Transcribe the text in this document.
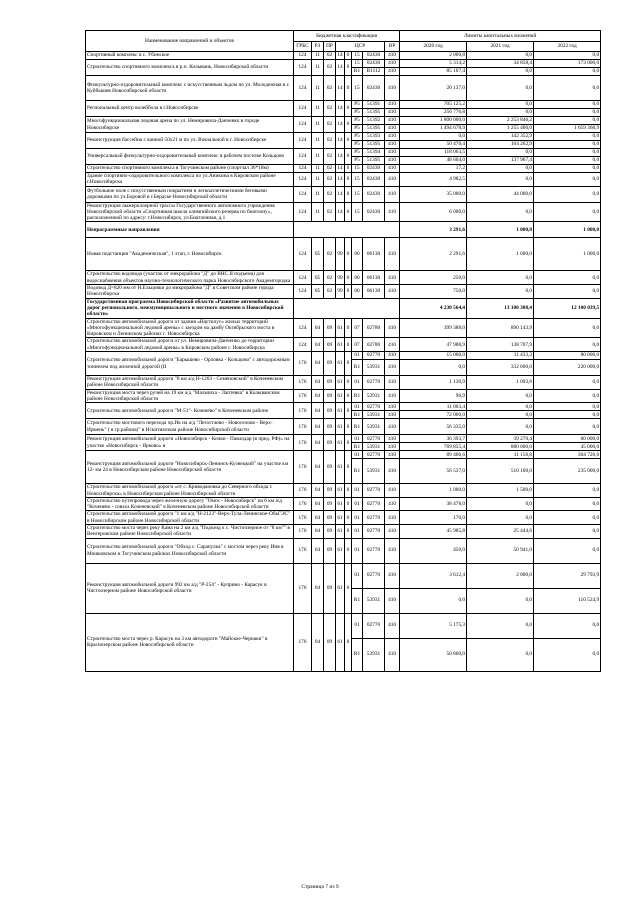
Наименование направлений и объектов	Бюджетная классификация								Лимиты капитальных вложений		
	ГРБС	РЗ	ПР	ЦСР				ВР	2020 год	2021 год	2022 год
Спортивный комплекс в с. Убинское	124	11	02	14	0	15	02430	410	2 000,8	0,0	0,0
Строительство спортивного комплекса в р.п. Колывань, Новосибирской области	124	11	02	14	0	15	02430	410	5 314,2	34 858,4	173 000,0
						R1	R1112	410	85 107,4	0,0	0,0
Физкультурно-оздоровительный комплекс с искусственным льдом по ул. Молодежная в г. Куйбышев Новосибирской области	124	11	02	14	0	15	02430	410	20 137,0	0,0	0,0
Региональный центр волейбола в г.Новосибирске	124	11	02	14	0	P5	51391	410	705 125,2	0,0	0,0
						P5	51395	410	256 776,8	0,0	0,0
Многофункциональная ледовая арена по ул. Немировича-Данченко в городе Новосибирске	124	11	02	14	0	P5	51392	410	1 800 000,0	2 253 846,2	0,0
						P5	51395	410	1 494 678,9	1 255 406,0	1 659 368,9
Реконструкция бассейна с ванной 50х21 м по ул. Вокзальной в г. Новосибирске	124	11	02	14	0	P5	51393	410	0,0	142 352,9	0,0
						P5	51395	410	50 476,4	104 262,9	0,0
Универсальный физкультурно-оздоровительный комплекс в рабочем поселке Кольцово	124	11	02	14	0	P5	51394	410	118 063,5	0,0	0,0
						P5	51395	410	48 604,0	137 967,4	0,0
Строительство спортивного комплекса в Тогучинском районе (спортзал 36*18м)	124	11	02	14	0	15	02430	410	17,2	0,0	0,0
Здание спортивно-оздоровительного комплекса по ул.Аникина в Кировском районе г.Новосибирска	124	11	02	14	0	15	02430	410	4 982,5	0,0	0,0
Футбольное поле с искусственным покрытием и легкоатлетическими беговыми дорожками по ул.Боровой в г.Бердске Новосибирской области	124	11	02	14	0	15	02430	410	35 000,0	44 000,0	0,0
Реконструкция лыжероллерной трассы Государственного автономного учреждения Новосибирской области «Спортивная школа олимпийского резерва по биатлону», расположенной по адресу: г.Новосибирск, ул.Биатлонная, д.1	124	11	02	14	0	15	02430	410	6 000,0	0,0	0,0
Непрограммные направления									3 291,6	1 000,0	1 000,0
Новая подстанция "Академическая", 1 этап, г. Новосибирск	124	05	02	99	0	00	06130	410	2 291,6	1 000,0	1 000,0
Строительство водовода (участок от микрорайона "Д" до ВНС II подъема) для водоснабжения объектов научно-технологического парка Новосибирского Академгородка	124	05	02	99	0	00	06130	410	250,0	0,0	0,0
Водовод Д=820 мм от Н.Ельцовки до микрорайона "Д" в Советском районе города Новосибирска	124	05	02	99	0	00	06130	410	750,0	0,0	0,0
Государственная программа Новосибирской области «Развитие автомобильных дорог регионального, межмуниципального и местного значения в Новосибирской области»									4 230 564,4	13 100 308,4	12 100 039,5
Строительство автомобильной дороги от здания «Наутилус» жилых территорий «Многофункциональной ледовой арены» с заездом на дамбу Октябрьского моста в Кировском и Ленинском районах г. Новосибирска	124	04	09	61	0	07	02780	410	399 388,0	890 143,9	0,0
Строительство автомобильной дороги от ул. Немировича-Данченко до территории «Многофункциональной ледовой арены» в Кировском районе г. Новосибирска	124	04	09	61	0	07	02780	410	47 988,9	138 707,9	0,0
Строительство автомобильной дороги "Барышево - Орловка - Кольцово" с автодорожным тоннелем под железной дорогой (II	176	04	09	61	0	01	02770	410	15 000,0	11 433,3	80 000,0
						R1	53931	410	0,0	332 600,0	220 000,0
Реконструкция автомобильной дороги "8 км а/д Н-1203 - Семеновский" в Коченевском районе Новосибирской области	176	04	09	61	0	01	02770	410	1 130,9	1 093,6	0,0
Реконструкция моста через ручей на 19 км а/д "Мальчиха - Лаптевка" в Колыванском районе Новосибирской области	176	04	09	61	0	R1	53931	410	96,9	0,0	0,0
Строительство автомобильной дороги "М-51"- Коченево" в Коченевском районе	176	04	09	61	0	01	02770	410	11 003,4	0,0	0,0
						R1	53931	410	72 000,0	0,0	0,0
Строительство мостового перехода чр.Ик на а/д "Легостаево - Новоселово - Верх-Ирмень" ( в гр.района)" в Искитимском районе Новосибирской области	176	04	09	61	0	R1	53931	410	56 335,0	0,0	0,0
Реконструкция автомобильной дороги «Новосибирск - Кочки - Павлодар (в пред. РФ)» на участке «Новосибирск - Ярково» в	176	04	09	61	0	01	02770	410	36 393,7	39 270,4	60 000,0
						R1	53931	410	769 855,4	880 000,0	45 000,0
Реконструкция автомобильной дороги "Новосибирск-Ленинск-Кузнецкий" на участке км 12- км 24 в Новосибирском районе Новосибирской области	176	04	09	61	0	01	02770	410	89 466,6	11 156,8	304 726,0
						R1	53931	410	56 537,0	510 100,0	235 000,0
Строительство автомобильной дороги «от с. Криводановка до Северного обхода г. Новосибирска» в Новосибирском районе Новосибирской области	176	04	09	61	0	01	02770	410	1 000,0	1 500,0	0,0
Строительство путепровода через железную дорогу "Омск - Новосибирск" на 6 км а/д "Коченево - совхоз Коченевский" в Коченевском районе Новосибирской области	176	04	09	61	0	01	02770	410	38 478,0	0,0	0,0
Строительство автомобильной дороги "1 км а/д "Н-2123"-Верх-Тула-Ленинское-ОбьГЭС" в Новосибирском районе Новосибирской области	176	04	09	61	0	01	02770	410	170,0	0,0	0,0
Строительство моста через реку Кама на 2 км а/д "Подъезд к с. Чистоозерное от "8 км"" в Венгеровском районе Новосибирской области	176	04	09	61	0	01	02770	410	45 985,8	25 444,6	0,0
Строительство автомобильной дороги "Обход с. Сарапулка" с мостом через реку Иня в Мошковском и Тогучинском районах Новосибирской области	176	04	09	61	0	01	02770	410	450,0	50 941,0	0,0
Реконструкция автомобильной дороги 992 км а/д "Р-254" - Куприно - Карасук в Чистоозерном районе Новосибирской области	176	04	09	61	0	01	02770	410	3 612,4	2 000,0	29 793,9
						R1	53931	410	0,0	0,0	110 524,9
Строительство моста через р. Карасук на 3 км автодороги "Майское-Чернаки" в Краснозерском районе Новосибирской области	176	04	09	61	0	01	02770	410	5 175,3	0,0	0,0
						R1	53931	410	50 860,0	0,0	0,0
Страница 7 из 9
